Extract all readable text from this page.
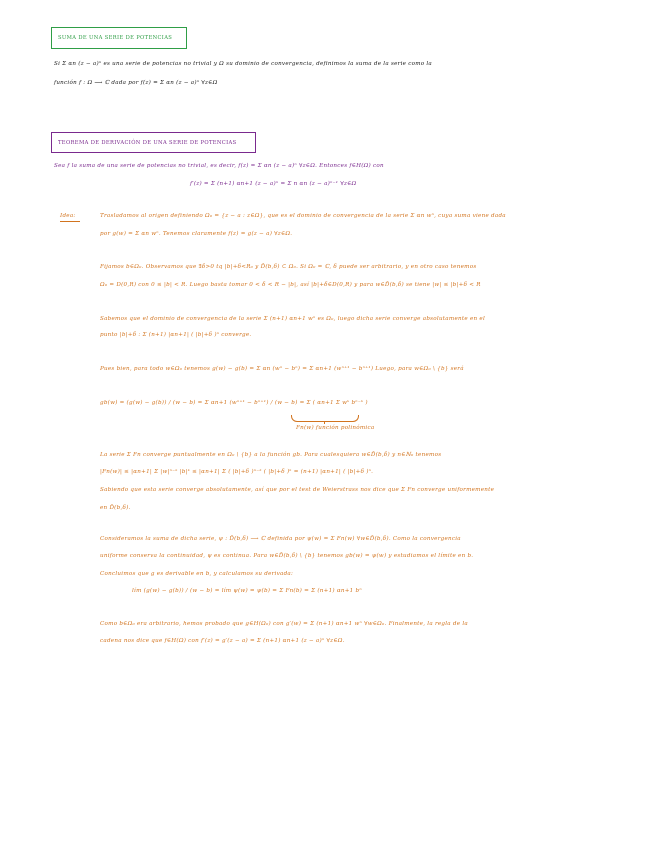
SUMA DE UNA SERIE DE POTENCIAS
Si Σ αn (z − a)ⁿ es una serie de potencias no trivial y Ω su dominio de convergencia, definimos la suma de la serie como la
función f : Ω ⟶ ℂ dada por f(z) = Σ αn (z − a)ⁿ ∀z∈Ω
TEOREMA DE DERIVACIÓN DE UNA SERIE DE POTENCIAS
Sea f la suma de una serie de potencias no trivial, es decir, f(z) = Σ αn (z − a)ⁿ ∀z∈Ω. Entonces f∈H(Ω) con
f′(z) = Σ (n+1) αn+1 (z − a)ⁿ = Σ n αn (z − a)ⁿ⁻¹ ∀z∈Ω
Idea:	Trasladamos al origen definiendo Ω₀ = {z − a : z∈Ω}, que es el dominio de convergencia de la serie Σ αn wⁿ, cuya suma viene dada
por g(w) = Σ αn wⁿ. Tenemos claramente f(z) = g(z − a) ∀z∈Ω.
Fijamos b∈Ω₀. Observamos que ∃δ>0 tq |b|+δ<R₀ y D̄(b,δ) ⊂ Ω₀. Si Ω₀ = ℂ, δ puede ser arbitrario, y en otro caso tenemos
Ω₀ = D(0,R) con 0 ≤ |b| < R. Luego basta tomar 0 < δ < R − |b|, así |b|+δ∈D(0,R) y para w∈D̄(b,δ) se tiene |w| ≤ |b|+δ < R
Sabemos que el dominio de convergencia de la serie Σ (n+1) αn+1 wⁿ es Ω₀, luego dicha serie converge absolutamente en el
punto |b|+δ : Σ (n+1) |αn+1| ( |b|+δ )ⁿ converge.
Pues bien, para todo w∈Ω₀ tenemos g(w) − g(b) = Σ αn (wⁿ − bⁿ) = Σ αn+1 (wⁿ⁺¹ − bⁿ⁺¹) Luego, para w∈Ω₀ \ {b} será
gb(w) = (g(w) − g(b)) / (w − b) = Σ αn+1 (wⁿ⁺¹ − bⁿ⁺¹) / (w − b) = Σ ( αn+1 Σ wᵏ bⁿ⁻ᵏ )
Fn(w) función polinómica
La serie Σ Fn converge puntualmente en Ω₀ \ {b} a la función gb. Para cualesquiera w∈D̄(b,δ) y n∈ℕ₀ tenemos
|Fn(w)| ≤ |αn+1| Σ |w|ⁿ⁻ᵏ |b|ᵏ ≤ |αn+1| Σ ( |b|+δ )ⁿ⁻ᵏ ( |b|+δ )ᵏ = (n+1) |αn+1| ( |b|+δ )ⁿ.
Sabiendo que esta serie converge absolutamente, así que por el test de Weierstrass nos dice que Σ Fn converge uniformemente
en D̄(b,δ).
Consideramos la suma de dicha serie, ψ : D̄(b,δ) ⟶ ℂ definida por ψ(w) = Σ Fn(w) ∀w∈D̄(b,δ). Como la convergencia
uniforme conserva la continuidad, ψ es continua. Para w∈D̄(b,δ) \ {b} tenemos gb(w) = ψ(w) y estudiamos el límite en b.
Concluimos que g es derivable en b, y calculamos su derivada:
lím (g(w) − g(b)) / (w − b) = lím ψ(w) = ψ(b) = Σ Fn(b) = Σ (n+1) αn+1 bⁿ
Como b∈Ω₀ era arbitrario, hemos probado que g∈H(Ω₀) con g′(w) = Σ (n+1) αn+1 wⁿ ∀w∈Ω₀. Finalmente, la regla de la
cadena nos dice que f∈H(Ω) con f′(z) = g′(z − a) = Σ (n+1) αn+1 (z − a)ⁿ ∀z∈Ω.
